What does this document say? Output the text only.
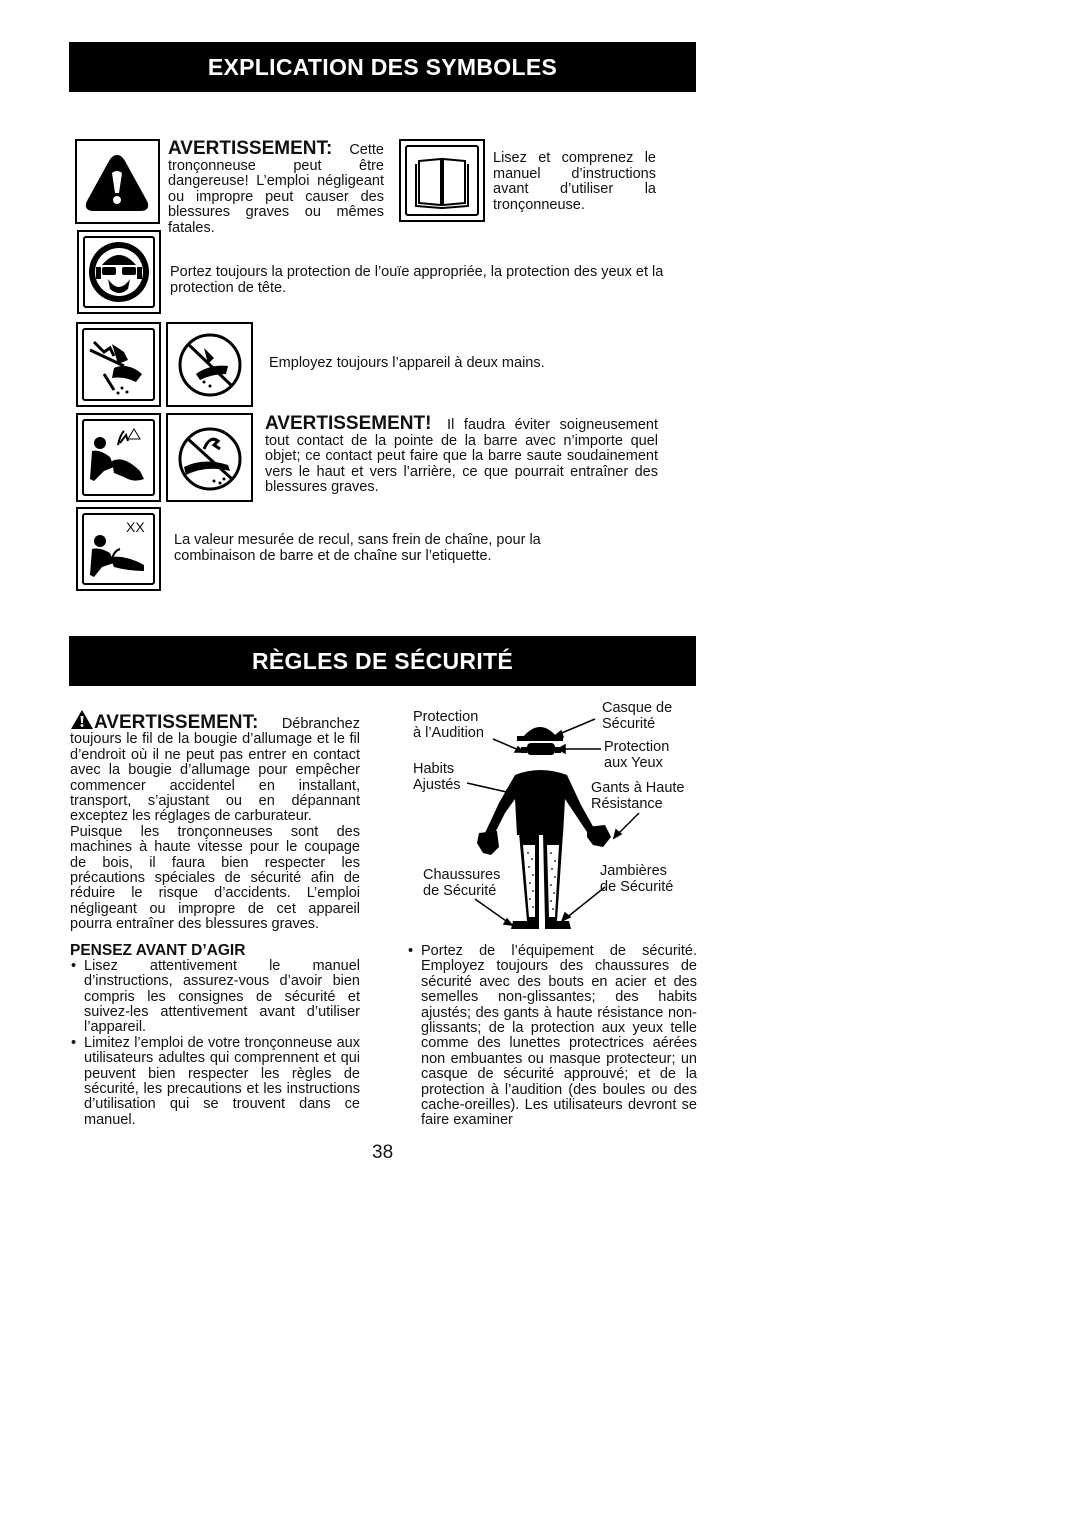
EXPLICATION DES SYMBOLES
AVERTISSEMENT: Cette tronçonneuse peut être dangereuse! L’emploi négligeant ou impropre peut causer des blessures graves ou mêmes fatales.
Lisez et comprenez le manuel d’instructions avant d’utiliser la tronçonneuse.
Portez toujours la protection de l’ouïe appropriée, la protection des yeux et la protection de tête.
Employez toujours l’appareil à deux mains.
AVERTISSEMENT! Il faudra éviter soigneusement tout contact de la pointe de la barre avec n’importe quel objet; ce contact peut faire que la barre saute soudainement vers le haut et vers l’arrière, ce que pourrait entraîner des blessures graves.
XX
La valeur mesurée de recul, sans frein de chaîne, pour la combinaison de barre et de chaîne sur l’etiquette.
RÈGLES DE SÉCURITÉ
AVERTISSEMENT: Débranchez
toujours le fil de la bougie d’allumage et le fil d’endroit où il ne peut pas entrer en contact avec la bougie d’allumage pour empêcher commencer accidentel en installant, transport, s’ajustant ou en dépannant exceptez les réglages de carburateur.
Puisque les tronçonneuses sont des machines à haute vitesse pour le coupage de bois, il faura bien respecter les précautions spéciales de sécurité afin de réduire le risque d’accidents. L’emploi négligeant ou impropre de cet appareil pourra entraîner des blessures graves.
PENSEZ AVANT D’AGIR
• Lisez attentivement le manuel d’instructions, assurez-vous d’avoir bien compris les consignes de sécurité et suivez-les attentivement avant d’utiliser l’appareil.
• Limitez l’emploi de votre tronçonneuse aux utilisateurs adultes qui comprennent et qui peuvent bien respecter les règles de sécurité, les precautions et les instructions d’utilisation qui se trouvent dans ce manuel.
Protection
à l’Audition
Casque de
Sécurité
Protection
aux Yeux
Habits
Ajustés	Gants à Haute
Résistance
Chaussures
de Sécurité
Jambières
de Sécurité
• Portez de l’équipement de sécurité. Employez toujours des chaussures de sécurité avec des bouts en acier et des semelles non-glissantes; des habits ajustés; des gants à haute résistance non-glissants; de la protection aux yeux telle comme des lunettes protectrices aérées non embuantes ou masque protecteur; un casque de sécurité approuvé; et de la protection à l’audition (des boules ou des cache-oreilles). Les utilisateurs devront se faire examiner
38
